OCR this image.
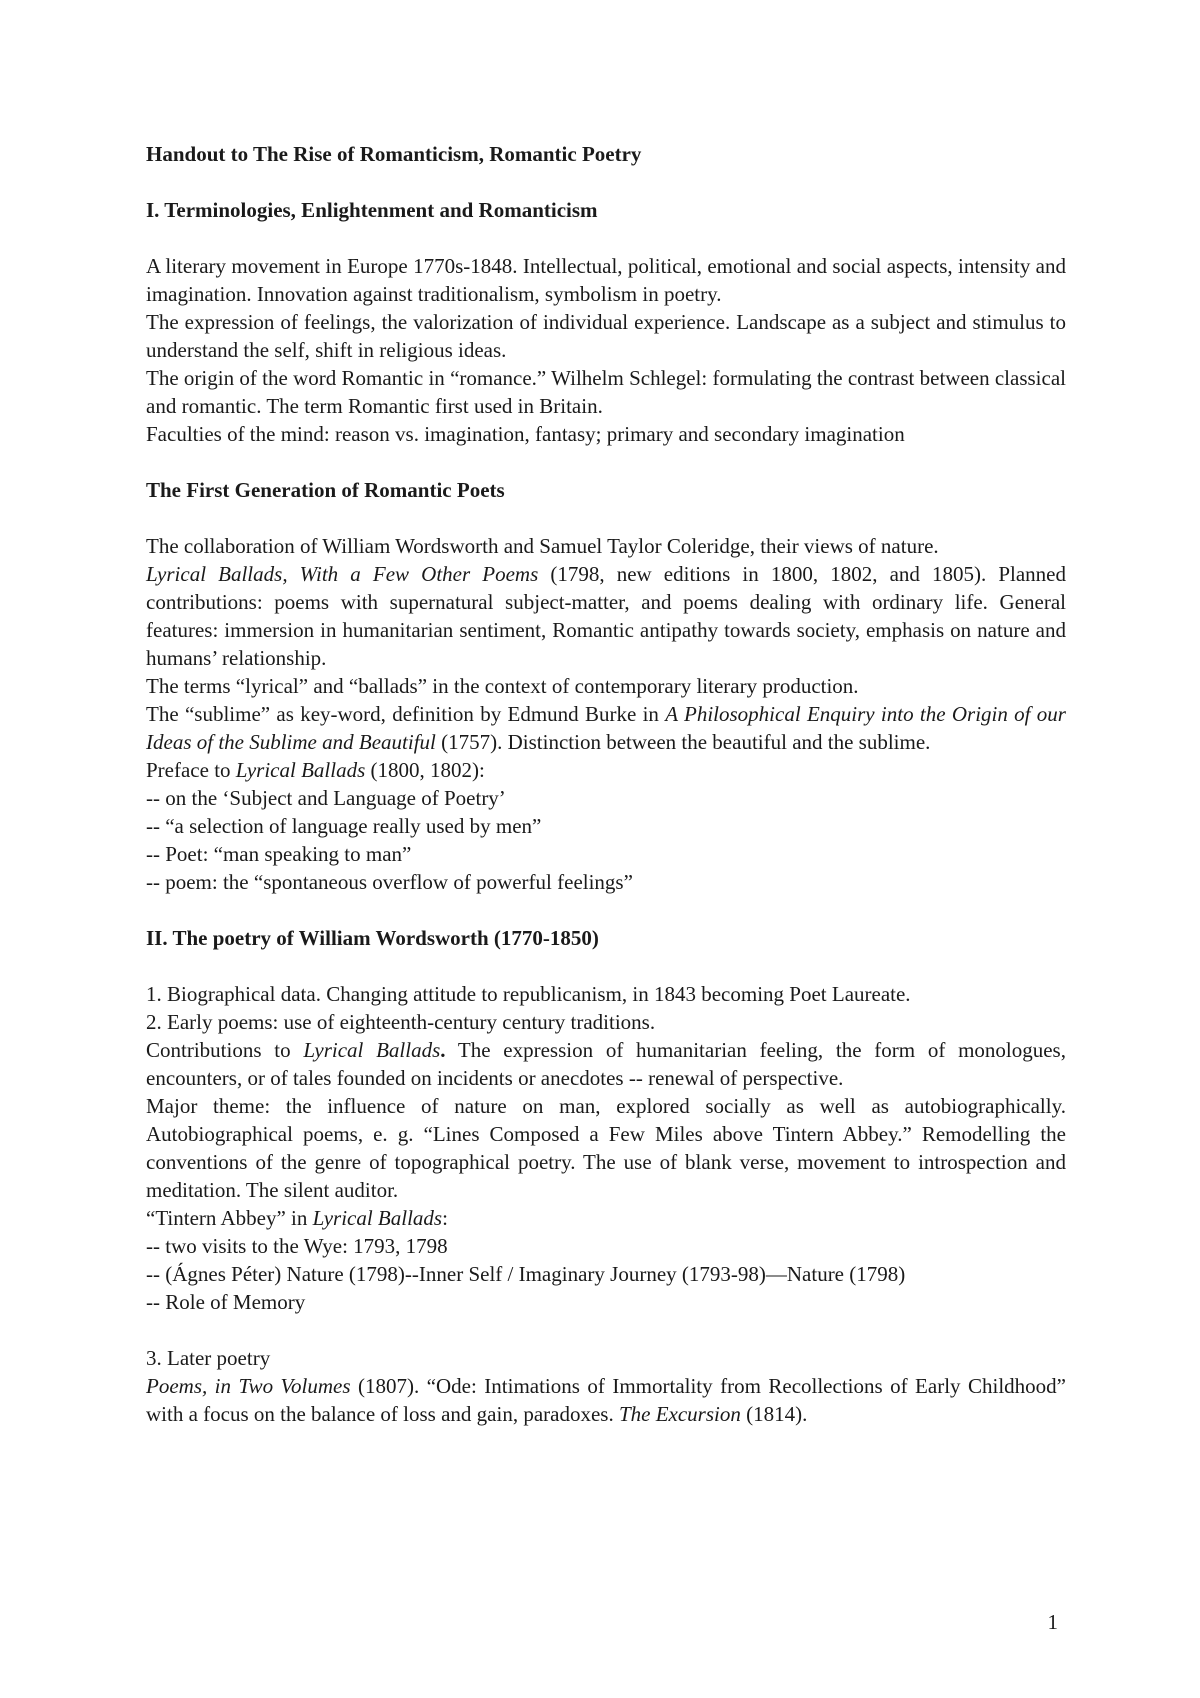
Handout to The Rise of Romanticism, Romantic Poetry

I. Terminologies, Enlightenment and Romanticism

A literary movement in Europe 1770s-1848. Intellectual, political, emotional and social aspects, intensity and imagination. Innovation against traditionalism, symbolism in poetry.

The expression of feelings, the valorization of individual experience. Landscape as a subject and stimulus to understand the self, shift in religious ideas.

The origin of the word Romantic in “romance.” Wilhelm Schlegel: formulating the contrast between classical and romantic. The term Romantic first used in Britain.

Faculties of the mind: reason vs. imagination, fantasy; primary and secondary imagination

The First Generation of Romantic Poets

The collaboration of William Wordsworth and Samuel Taylor Coleridge, their views of nature.

Lyrical Ballads, With a Few Other Poems (1798, new editions in 1800, 1802, and 1805). Planned contributions: poems with supernatural subject-matter, and poems dealing with ordinary life. General features: immersion in humanitarian sentiment, Romantic antipathy towards society, emphasis on nature and humans’ relationship.

The terms “lyrical” and “ballads” in the context of contemporary literary production.

The “sublime” as key-word, definition by Edmund Burke in A Philosophical Enquiry into the Origin of our Ideas of the Sublime and Beautiful (1757). Distinction between the beautiful and the sublime.

Preface to Lyrical Ballads (1800, 1802):

-- on the ‘Subject and Language of Poetry’

-- “a selection of language really used by men”

-- Poet: “man speaking to man”

-- poem: the “spontaneous overflow of powerful feelings”

II. The poetry of William Wordsworth (1770-1850)

1. Biographical data. Changing attitude to republicanism, in 1843 becoming Poet Laureate.

2. Early poems: use of eighteenth-century century traditions.

Contributions to Lyrical Ballads. The expression of humanitarian feeling, the form of monologues, encounters, or of tales founded on incidents or anecdotes -- renewal of perspective.

Major theme: the influence of nature on man, explored socially as well as autobiographically. Autobiographical poems, e. g. “Lines Composed a Few Miles above Tintern Abbey.” Remodelling the conventions of the genre of topographical poetry. The use of blank verse, movement to introspection and meditation. The silent auditor.

“Tintern Abbey” in Lyrical Ballads:

-- two visits to the Wye: 1793, 1798

-- (Ágnes Péter) Nature (1798)--Inner Self / Imaginary Journey (1793-98)—Nature (1798)

-- Role of Memory

3. Later poetry

Poems, in Two Volumes (1807). “Ode: Intimations of Immortality from Recollections of Early Childhood” with a focus on the balance of loss and gain, paradoxes. The Excursion (1814).

1
